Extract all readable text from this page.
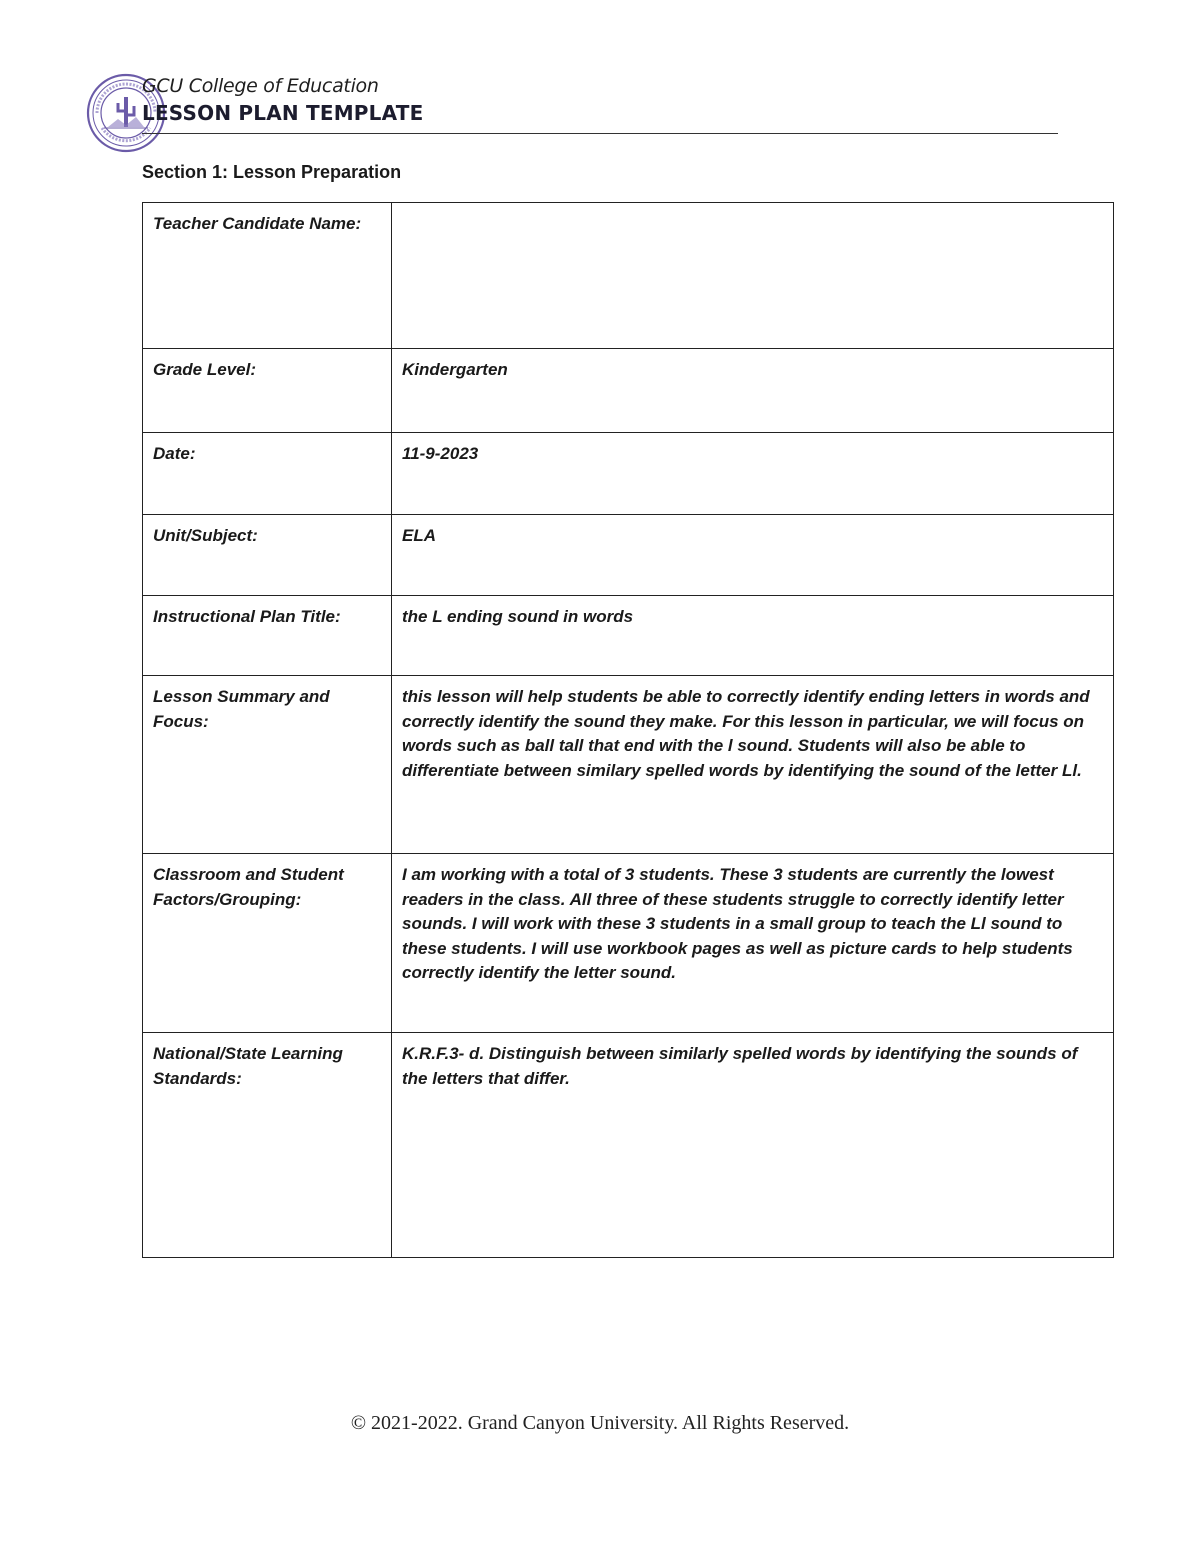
GCU College of Education
LESSON PLAN TEMPLATE
Section 1: Lesson Preparation
Teacher Candidate Name:	
Grade Level:	Kindergarten
Date:	11-9-2023
Unit/Subject:	ELA
Instructional Plan Title:	the L ending sound in words
Lesson Summary and Focus:	this lesson will help students be able to correctly identify ending letters in words and correctly identify the sound they make. For this lesson in particular, we will focus on words such as ball tall that end with the l sound. Students will also be able to differentiate between similary spelled words by identifying the sound of the letter Ll.
Classroom and Student Factors/Grouping:	I am working with a total of 3 students. These 3 students are currently the lowest readers in the class. All three of these students struggle to correctly identify letter sounds. I will work with these 3 students in a small group to teach the Ll sound to these students. I will use workbook pages as well as picture cards to help students correctly identify the letter sound.
National/State Learning Standards:	K.R.F.3- d. Distinguish between similarly spelled words by identifying the sounds of the letters that differ.
© 2021-2022. Grand Canyon University. All Rights Reserved.
